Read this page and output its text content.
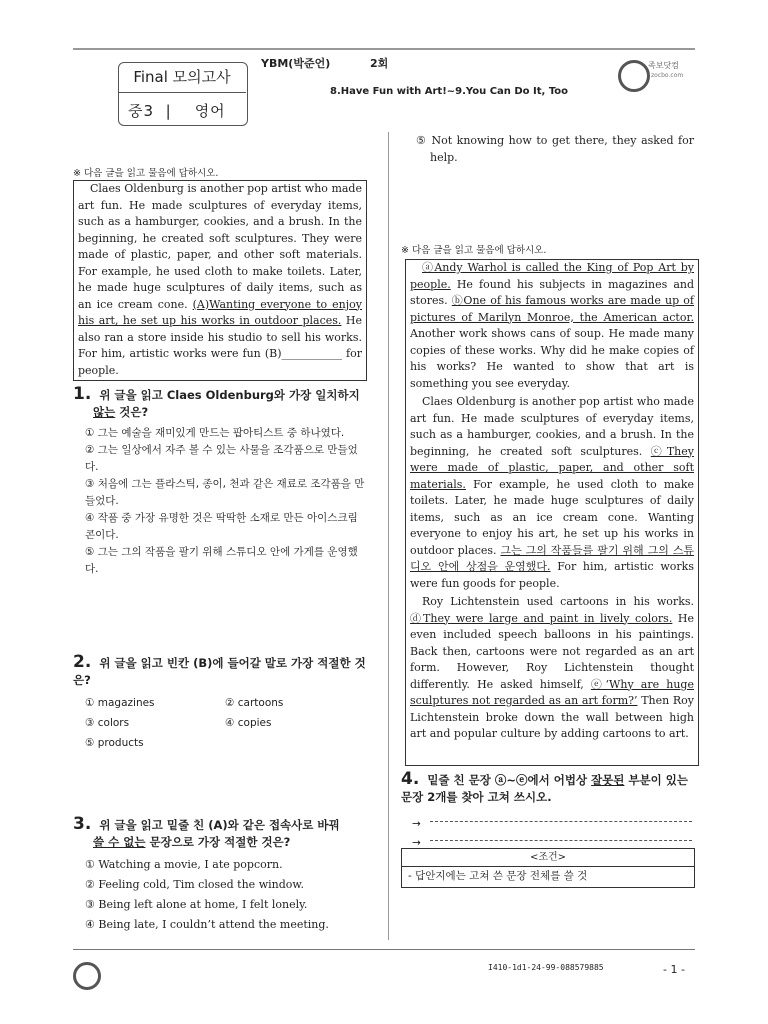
Final 모의고사
중3  |    영어
YBM(박준언)	2회
8.Have Fun with Art!~9.You Can Do It, Too
족보닷컴
zocbo.com
※ 다음 글을 읽고 물음에 답하시오.
Claes Oldenburg is another pop artist who made art fun. He made sculptures of everyday items, such as a hamburger, cookies, and a brush. In the beginning, he created soft sculptures. They were made of plastic, paper, and other soft materials. For example, he used cloth to make toilets. Later, he made huge sculptures of daily items, such as an ice cream cone. (A)Wanting everyone to enjoy his art, he set up his works in outdoor places. He also ran a store inside his studio to sell his works. For him, artistic works were fun (B)___________ for people.
1. 위 글을 읽고 Claes Oldenburg와 가장 일치하지
않는 것은?
① 그는 예술을 재미있게 만드는 팝아티스트 중 하나였다.
② 그는 일상에서 자주 볼 수 있는 사물을 조각품으로 만들었다.
③ 처음에 그는 플라스틱, 종이, 천과 같은 재료로 조각품을 만들었다.
④ 작품 중 가장 유명한 것은 딱딱한 소재로 만든 아이스크림 콘이다.
⑤ 그는 그의 작품을 팔기 위해 스튜디오 안에 가게를 운영했다.
2. 위 글을 읽고 빈칸 (B)에 들어갈 말로 가장 적절한 것은?
① magazines	② cartoons
③ colors	④ copies
⑤ products
3. 위 글을 읽고 밑줄 친 (A)와 같은 접속사로 바꿔
쓸 수 없는 문장으로 가장 적절한 것은?
① Watching a movie, I ate popcorn.
② Feeling cold, Tim closed the window.
③ Being left alone at home, I felt lonely.
④ Being late, I couldn’t attend the meeting.
⑤ Not knowing how to get there, they asked for help.
※ 다음 글을 읽고 물음에 답하시오.
ⓐAndy Warhol is called the King of Pop Art by people. He found his subjects in magazines and stores. ⓑOne of his famous works are made up of pictures of Marilyn Monroe, the American actor. Another work shows cans of soup. He made many copies of these works. Why did he make copies of his works? He wanted to show that art is something you see everyday.
Claes Oldenburg is another pop artist who made art fun. He made sculptures of everyday items, such as a hamburger, cookies, and a brush. In the beginning, he created soft sculptures. ⓒThey were made of plastic, paper, and other soft materials. For example, he used cloth to make toilets. Later, he made huge sculptures of daily items, such as an ice cream cone. Wanting everyone to enjoy his art, he set up his works in outdoor places. 그는 그의 작품들를 팔기 위해 그의 스튜디오 안에 상점을 운영했다. For him, artistic works were fun goods for people.
Roy Lichtenstein used cartoons in his works. ⓓThey were large and paint in lively colors. He even included speech balloons in his paintings. Back then, cartoons were not regarded as an art form. However, Roy Lichtenstein thought differently. He asked himself, ⓔ‘Why are huge sculptures not regarded as an art form?’ Then Roy Lichtenstein broke down the wall between high art and popular culture by adding cartoons to art.
4. 밑줄 친 문장 ⓐ~ⓔ에서 어법상 잘못된 부분이 있는 문장 2개를 찾아 고쳐 쓰시오.
→
→
<조건>
- 답안지에는 고쳐 쓴 문장 전체를 쓸 것
I410-1d1-24-99-088579885	- 1 -
